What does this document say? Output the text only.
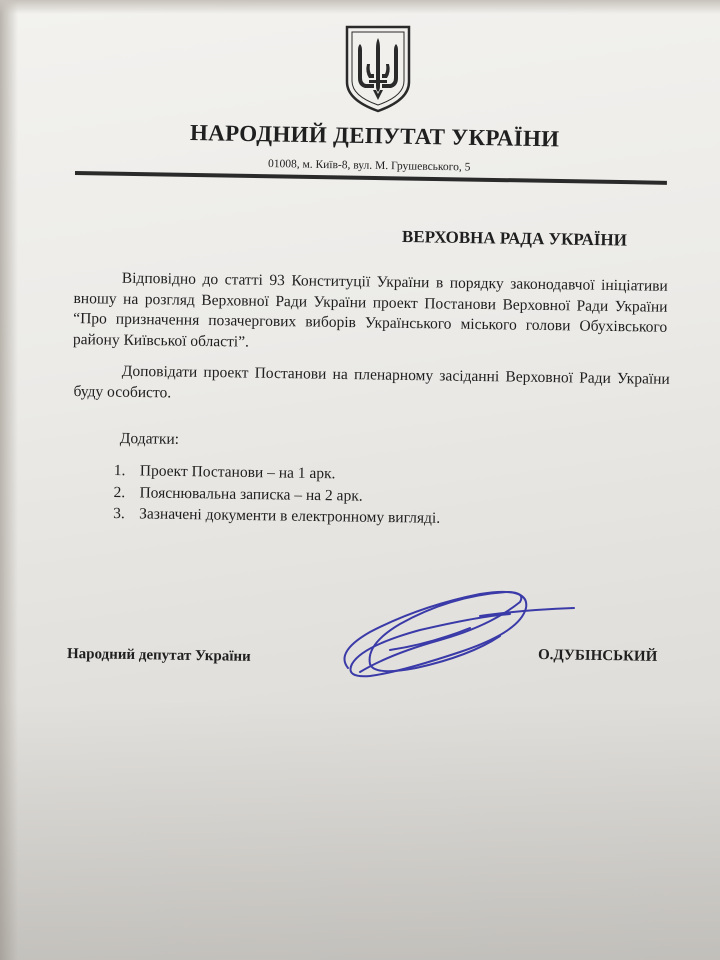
НАРОДНИЙ ДЕПУТАТ УКРАЇНИ
01008, м. Київ-8, вул. М. Грушевського, 5
ВЕРХОВНА РАДА УКРАЇНИ

Відповідно до статті 93 Конституції України в порядку законодавчої ініціативи вношу на розгляд Верховної Ради України проект Постанови Верховної Ради України “Про призначення позачергових виборів Українського міського голови Обухівського району Київської області”.

Доповідати проект Постанови на пленарному засіданні Верховної Ради України буду особисто.

Додатки:
1. Проект Постанови – на 1 арк.
2. Пояснювальна записка – на 2 арк.
3. Зазначені документи в електронному вигляді.
Народний депутат України	О.ДУБІНСЬКИЙ
